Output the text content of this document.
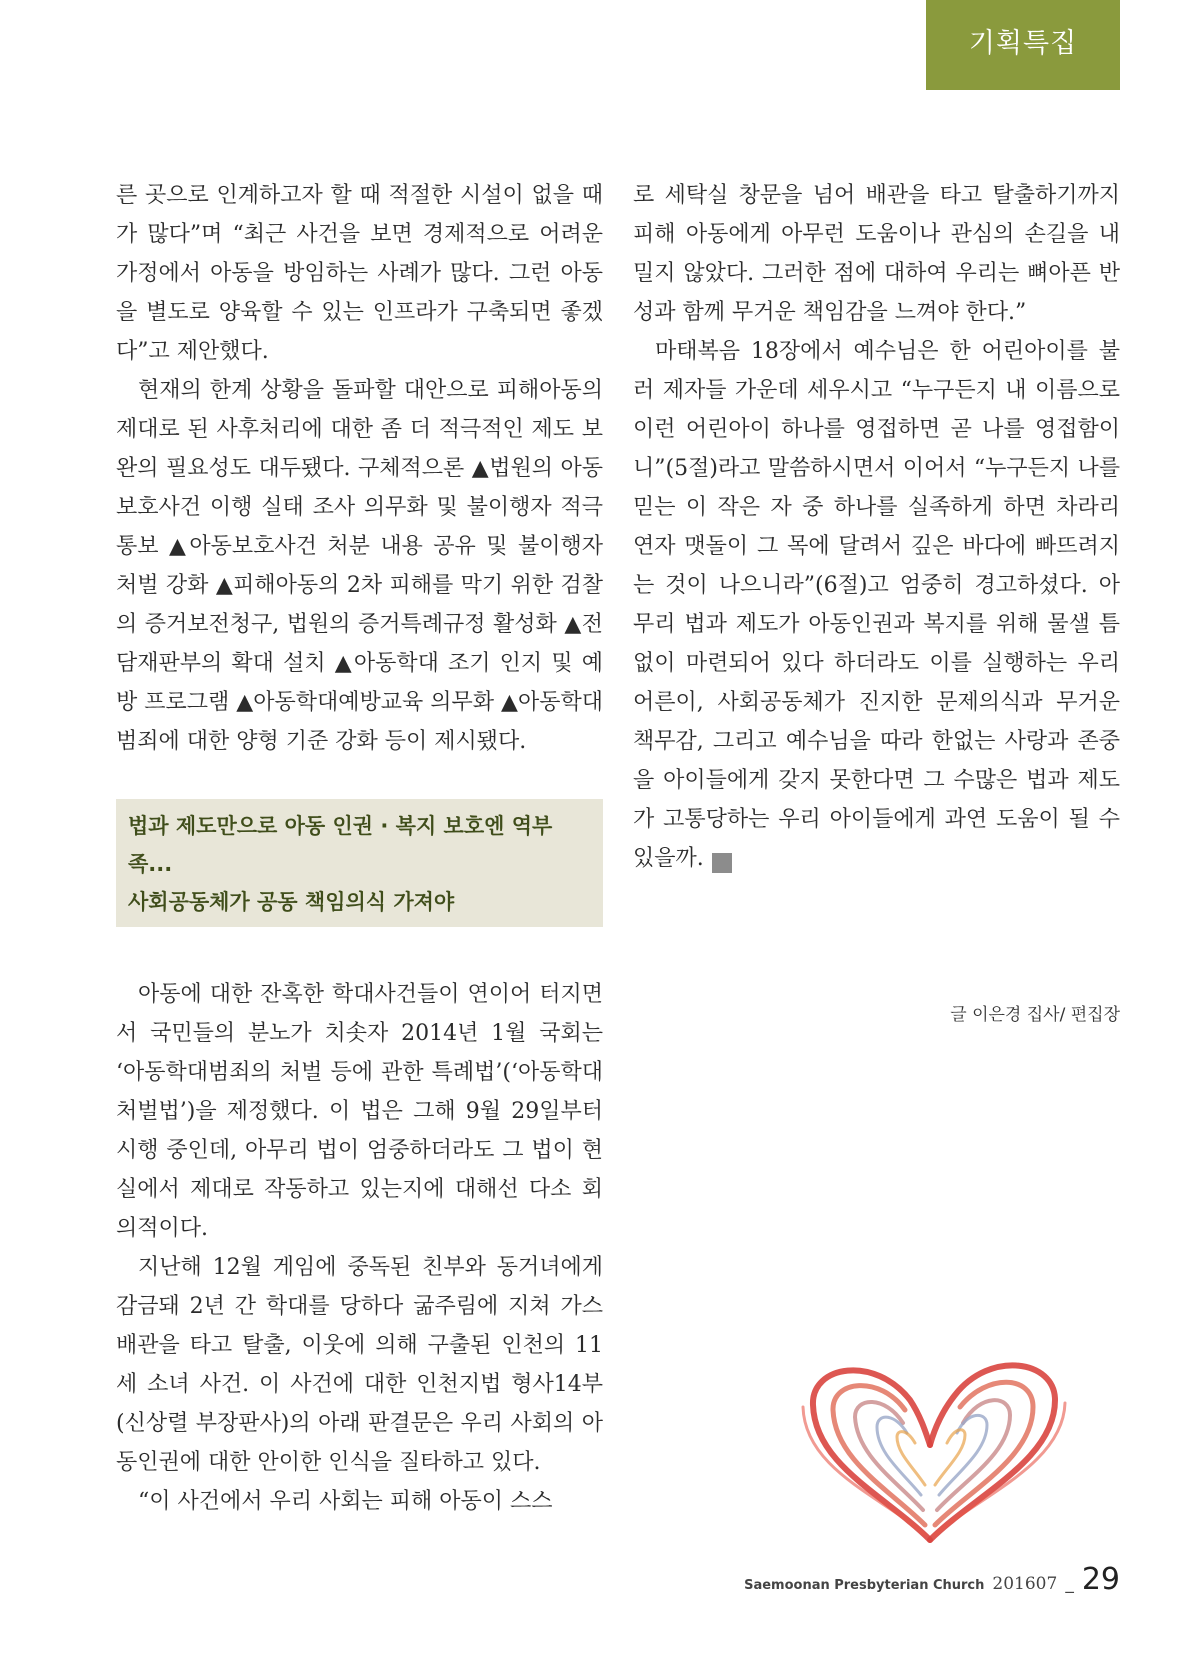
기획특집

른 곳으로 인계하고자 할 때 적절한 시설이 없을 때가 많다”며 “최근 사건을 보면 경제적으로 어려운 가정에서 아동을 방임하는 사례가 많다. 그런 아동을 별도로 양육할 수 있는 인프라가 구축되면 좋겠다”고 제안했다.

현재의 한계 상황을 돌파할 대안으로 피해아동의 제대로 된 사후처리에 대한 좀 더 적극적인 제도 보완의 필요성도 대두됐다. 구체적으론 ▲법원의 아동보호사건 이행 실태 조사 의무화 및 불이행자 적극 통보 ▲아동보호사건 처분 내용 공유 및 불이행자 처벌 강화 ▲피해아동의 2차 피해를 막기 위한 검찰의 증거보전청구, 법원의 증거특례규정 활성화 ▲전담재판부의 확대 설치 ▲아동학대 조기 인지 및 예방 프로그램 ▲아동학대예방교육 의무화 ▲아동학대범죄에 대한 양형 기준 강화 등이 제시됐다.

법과 제도만으로 아동 인권 · 복지 보호엔 역부족...
사회공동체가 공동 책임의식 가져야

아동에 대한 잔혹한 학대사건들이 연이어 터지면서 국민들의 분노가 치솟자 2014년 1월 국회는 ‘아동학대범죄의 처벌 등에 관한 특례법’(‘아동학대처벌법’)을 제정했다. 이 법은 그해 9월 29일부터 시행 중인데, 아무리 법이 엄중하더라도 그 법이 현실에서 제대로 작동하고 있는지에 대해선 다소 회의적이다.

지난해 12월 게임에 중독된 친부와 동거녀에게 감금돼 2년 간 학대를 당하다 굶주림에 지쳐 가스배관을 타고 탈출, 이웃에 의해 구출된 인천의 11세 소녀 사건. 이 사건에 대한 인천지법 형사14부(신상렬 부장판사)의 아래 판결문은 우리 사회의 아동인권에 대한 안이한 인식을 질타하고 있다.

“이 사건에서 우리 사회는 피해 아동이 스스

로 세탁실 창문을 넘어 배관을 타고 탈출하기까지 피해 아동에게 아무런 도움이나 관심의 손길을 내밀지 않았다. 그러한 점에 대하여 우리는 뼈아픈 반성과 함께 무거운 책임감을 느껴야 한다.”

마태복음 18장에서 예수님은 한 어린아이를 불러 제자들 가운데 세우시고 “누구든지 내 이름으로 이런 어린아이 하나를 영접하면 곧 나를 영접함이니”(5절)라고 말씀하시면서 이어서 “누구든지 나를 믿는 이 작은 자 중 하나를 실족하게 하면 차라리 연자 맷돌이 그 목에 달려서 깊은 바다에 빠뜨려지는 것이 나으니라”(6절)고 엄중히 경고하셨다. 아무리 법과 제도가 아동인권과 복지를 위해 물샐 틈 없이 마련되어 있다 하더라도 이를 실행하는 우리 어른이, 사회공동체가 진지한 문제의식과 무거운 책무감, 그리고 예수님을 따라 한없는 사랑과 존중을 아이들에게 갖지 못한다면 그 수많은 법과 제도가 고통당하는 우리 아이들에게 과연 도움이 될 수 있을까.	새

글 이은경 집사/ 편집장
Saemoonan Presbyterian Church 201607 _ 29
